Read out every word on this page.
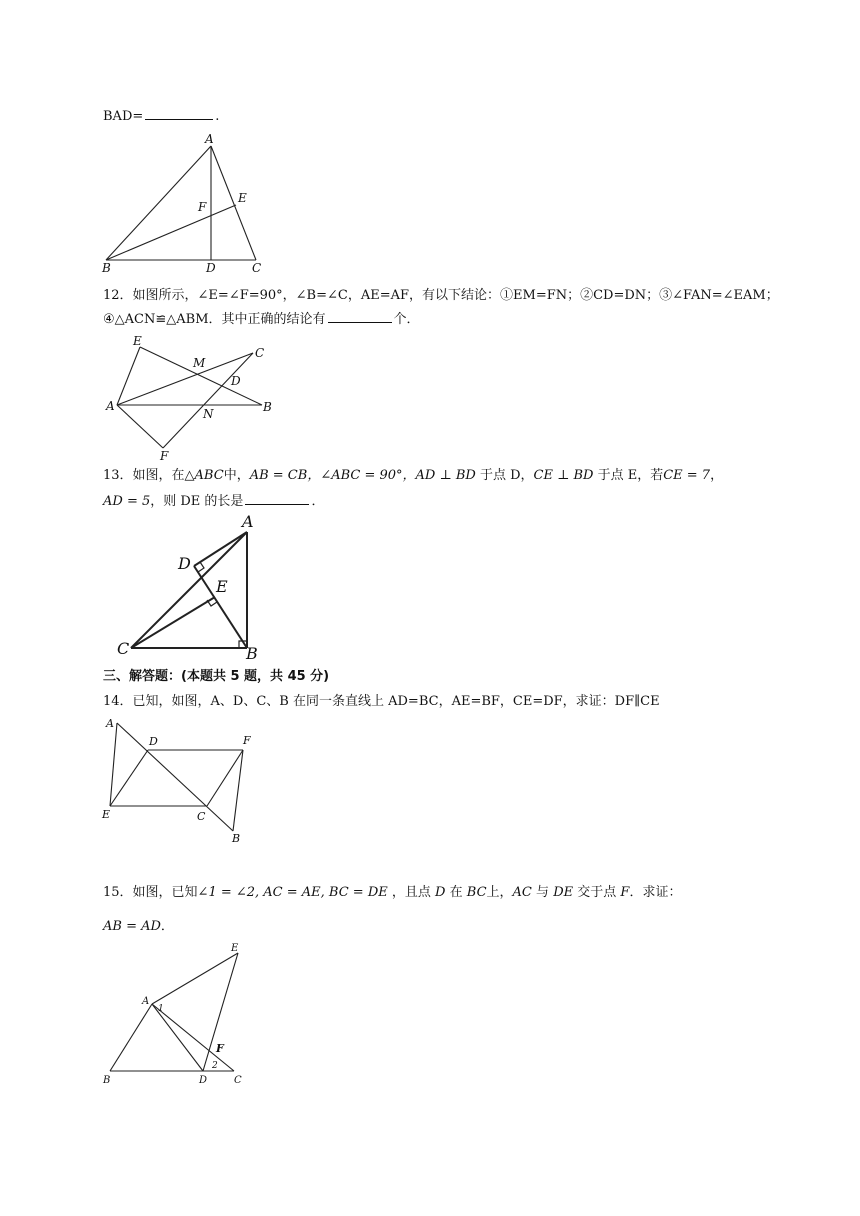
BAD=	.
A
E
F
B	D	C
12．如图所示，∠E=∠F=90°，∠B=∠C，AE=AF，有以下结论：①EM=FN；②CD=DN；③∠FAN=∠EAM；
④△ACN≌△ABM．其中正确的结论有	个．
E
M
C
D
A
N	B
F
13．如图，在△ABC中，AB = CB，∠ABC = 90°，AD ⊥ BD 于点 D，CE ⊥ BD 于点 E，若CE = 7，
AD = 5，则 DE 的长是	．
A
D
E
C	B
三、解答题：(本题共 5 题，共 45 分)
14．已知，如图，A、D、C、B 在同一条直线上 AD=BC，AE=BF，CE=DF，求证：DF∥CE
A
D	F
E	C
B
15．如图，已知∠1 = ∠2, AC = AE, BC = DE ，且点 D 在 BC上，AC 与 DE 交于点 F．求证：
AB = AD．
E
A
1
F
2
B	D	C
